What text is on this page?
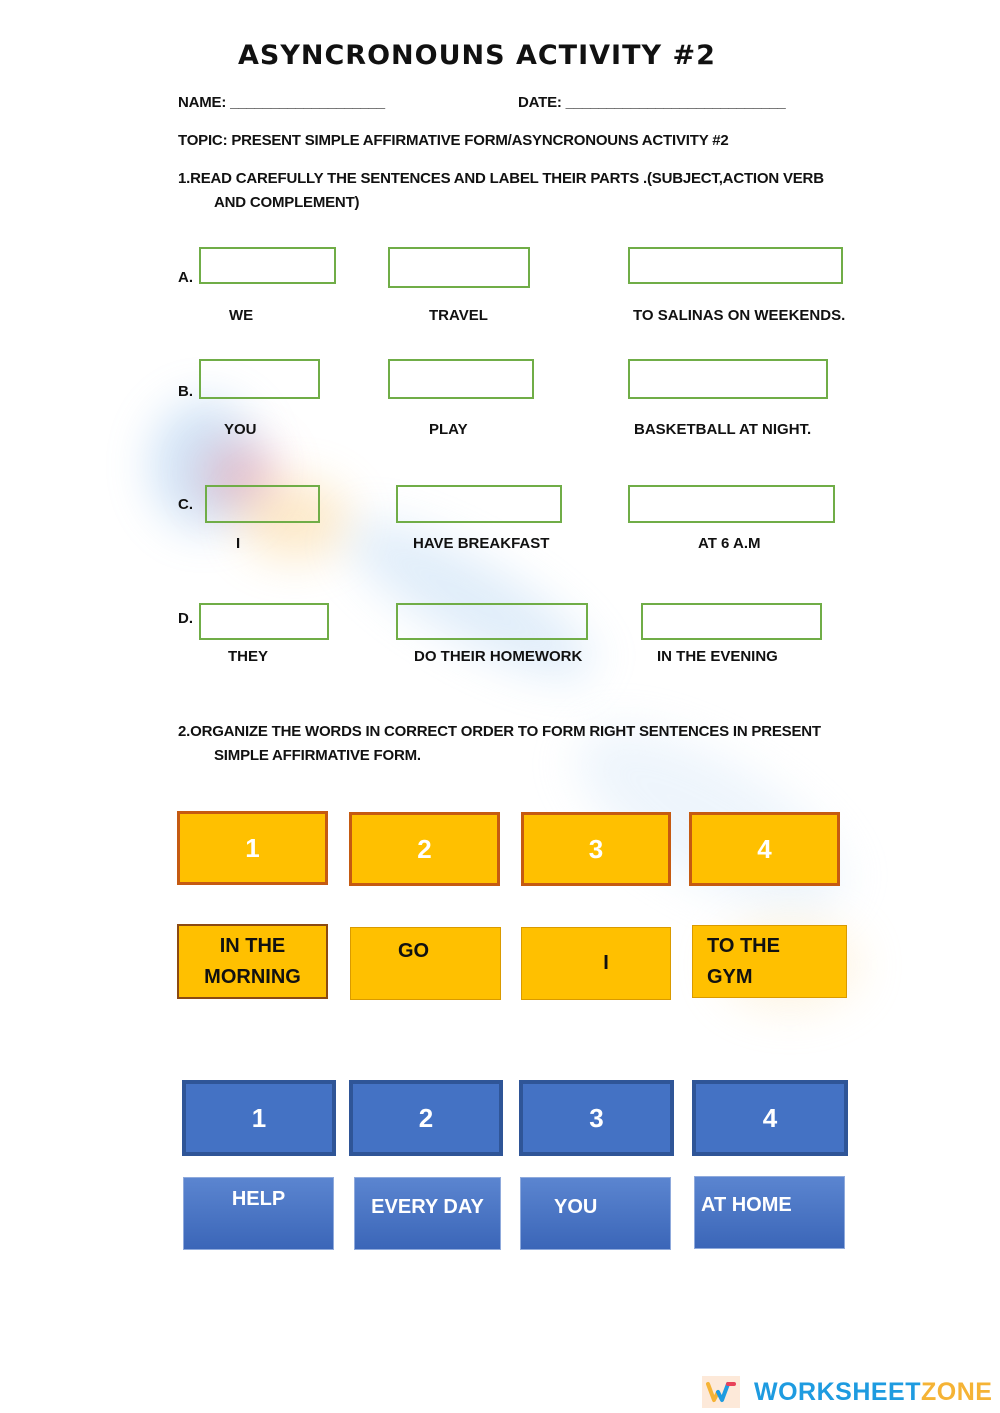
ASYNCRONOUNS ACTIVITY #2
NAME: ___________________	DATE: ___________________________
TOPIC: PRESENT SIMPLE AFFIRMATIVE FORM/ASYNCRONOUNS ACTIVITY #2
1.READ CAREFULLY THE SENTENCES AND LABEL THEIR PARTS .(SUBJECT,ACTION VERB
AND COMPLEMENT)
A.
WE	TRAVEL	TO SALINAS ON WEEKENDS.
B.
YOU	PLAY	BASKETBALL AT NIGHT.
C.
I	HAVE BREAKFAST	AT 6 A.M
D.
THEY	DO THEIR HOMEWORK	IN THE EVENING
2.ORGANIZE THE WORDS IN CORRECT ORDER TO FORM RIGHT SENTENCES IN PRESENT
SIMPLE AFFIRMATIVE FORM.
1	2	3	4
IN THE MORNING
GO
I
TO THE GYM
1	2	3	4
HELP	EVERY DAY	YOU	AT HOME
WORKSHEETZONE
